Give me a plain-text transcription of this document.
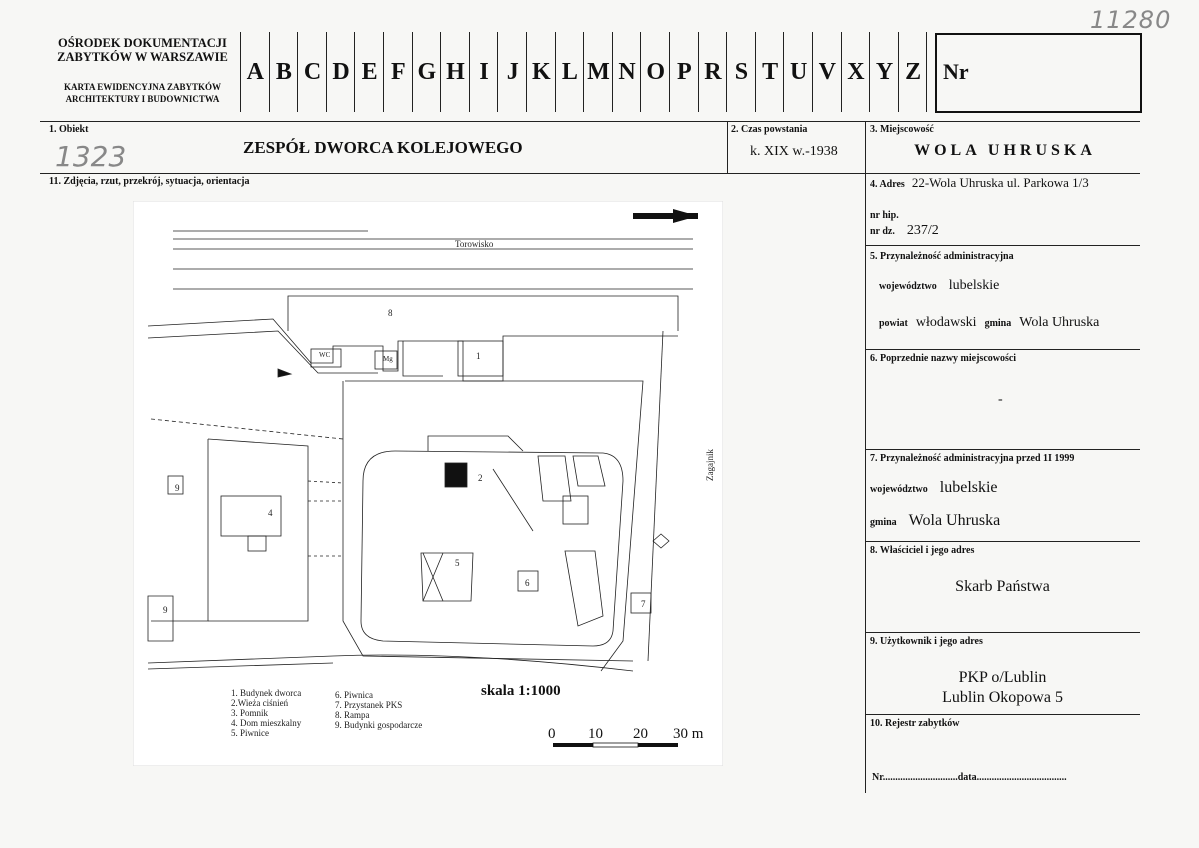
11280
OŚRODEK DOKUMENTACJI
ZABYTKÓW W WARSZAWIE
KARTA EWIDENCYJNA ZABYTKÓW
ARCHITEKTURY I BUDOWNICTWA
A B C D E F G H I J K L M N O P R S T U V X Y Z Nr
1. Obiekt
1323	ZESPÓŁ DWORCA KOLEJOWEGO
2. Czas powstania
k. XIX w.-1938
3. Miejscowość
WOLA UHRUSKA
11. Zdjęcia, rzut, przekrój, sytuacja, orientacja	4. Adres 22-Wola Uhruska ul. Parkowa 1/3
nr hip.
nr dz. 237/2
5. Przynależność administracyjna
województwo lubelskie
powiat włodawski gmina Wola Uhruska
6. Poprzednie nazwy miejscowości
-
7. Przynależność administracyjna przed 1I 1999
województwo lubelskie
gmina Wola Uhruska
8. Właściciel i jego adres
Skarb Państwa
9. Użytkownik i jego adres
PKP o/Lublin
Lublin Okopowa 5
10. Rejestr zabytków
Nr..............................data....................................
Torowisko
8
1
WC	Mg
2
4
5
6
7
9
9
Zagajnik
1. Budynek dworca
2.Wieża ciśnień
3. Pomnik
4. Dom mieszkalny
5. Piwnice
6. Piwnica
7. Przystanek PKS
8. Rampa
9. Budynki gospodarcze
skala 1:1000
0 10 20 30 m
